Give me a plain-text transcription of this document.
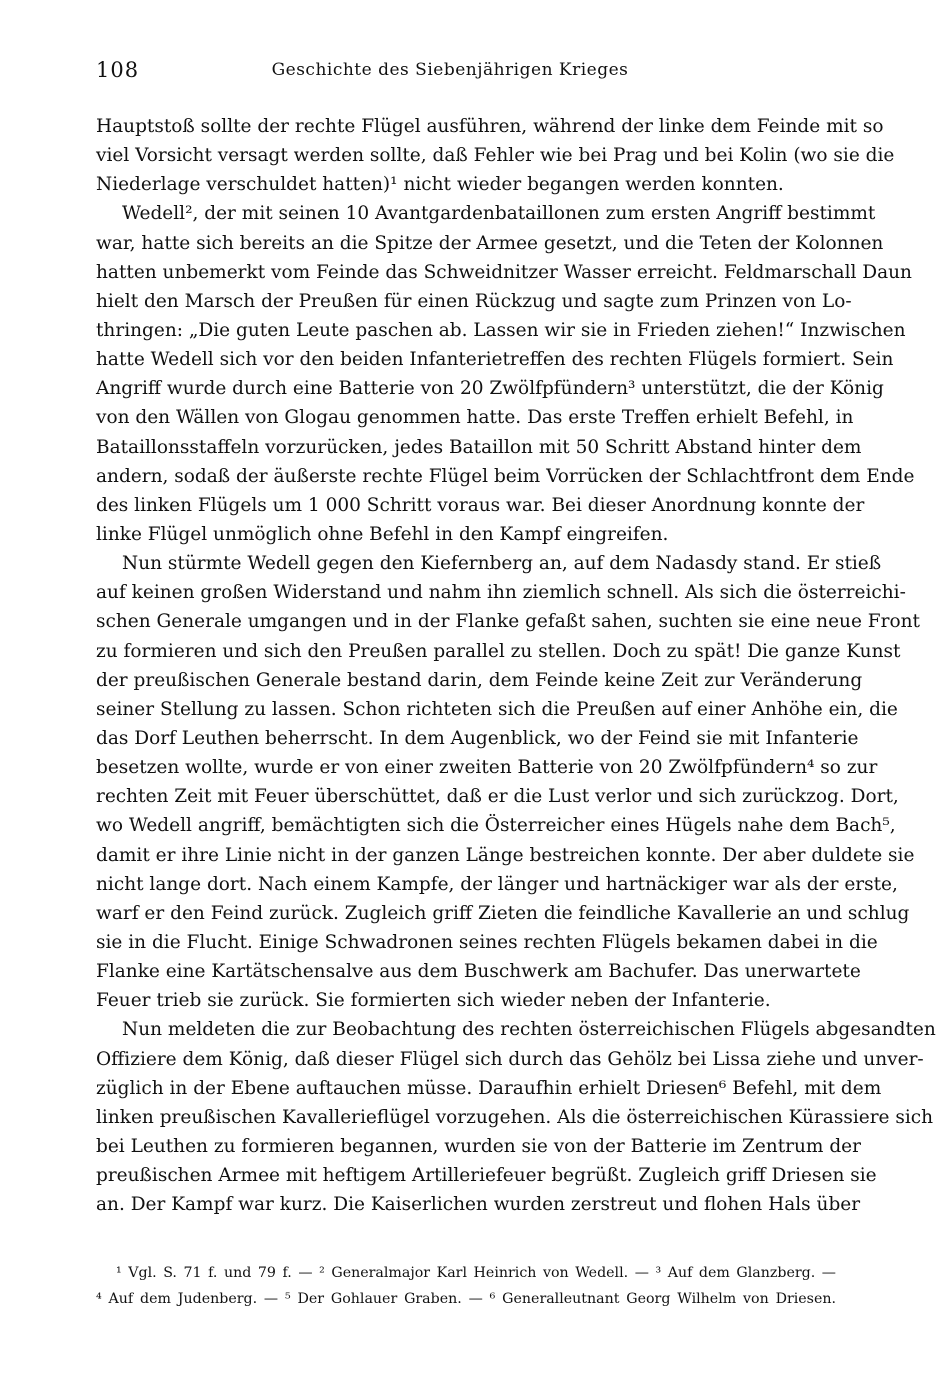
108	Geschichte des Siebenjährigen Krieges
Hauptstoß sollte der rechte Flügel ausführen, während der linke dem Feinde mit so
viel Vorsicht versagt werden sollte, daß Fehler wie bei Prag und bei Kolin (wo sie die
Niederlage verschuldet hatten)¹ nicht wieder begangen werden konnten.
Wedell², der mit seinen 10 Avantgardenbataillonen zum ersten Angriff bestimmt
war, hatte sich bereits an die Spitze der Armee gesetzt, und die Teten der Kolonnen
hatten unbemerkt vom Feinde das Schweidnitzer Wasser erreicht. Feldmarschall Daun
hielt den Marsch der Preußen für einen Rückzug und sagte zum Prinzen von Lo-
thringen: „Die guten Leute paschen ab. Lassen wir sie in Frieden ziehen!“ Inzwischen
hatte Wedell sich vor den beiden Infanterietreffen des rechten Flügels formiert. Sein
Angriff wurde durch eine Batterie von 20 Zwölfpfündern³ unterstützt, die der König
von den Wällen von Glogau genommen hatte. Das erste Treffen erhielt Befehl, in
Bataillonsstaffeln vorzurücken, jedes Bataillon mit 50 Schritt Abstand hinter dem
andern, sodaß der äußerste rechte Flügel beim Vorrücken der Schlachtfront dem Ende
des linken Flügels um 1 000 Schritt voraus war. Bei dieser Anordnung konnte der
linke Flügel unmöglich ohne Befehl in den Kampf eingreifen.
Nun stürmte Wedell gegen den Kiefernberg an, auf dem Nadasdy stand. Er stieß
auf keinen großen Widerstand und nahm ihn ziemlich schnell. Als sich die österreichi-
schen Generale umgangen und in der Flanke gefaßt sahen, suchten sie eine neue Front
zu formieren und sich den Preußen parallel zu stellen. Doch zu spät! Die ganze Kunst
der preußischen Generale bestand darin, dem Feinde keine Zeit zur Veränderung
seiner Stellung zu lassen. Schon richteten sich die Preußen auf einer Anhöhe ein, die
das Dorf Leuthen beherrscht. In dem Augenblick, wo der Feind sie mit Infanterie
besetzen wollte, wurde er von einer zweiten Batterie von 20 Zwölfpfündern⁴ so zur
rechten Zeit mit Feuer überschüttet, daß er die Lust verlor und sich zurückzog. Dort,
wo Wedell angriff, bemächtigten sich die Österreicher eines Hügels nahe dem Bach⁵,
damit er ihre Linie nicht in der ganzen Länge bestreichen konnte. Der aber duldete sie
nicht lange dort. Nach einem Kampfe, der länger und hartnäckiger war als der erste,
warf er den Feind zurück. Zugleich griff Zieten die feindliche Kavallerie an und schlug
sie in die Flucht. Einige Schwadronen seines rechten Flügels bekamen dabei in die
Flanke eine Kartätschensalve aus dem Buschwerk am Bachufer. Das unerwartete
Feuer trieb sie zurück. Sie formierten sich wieder neben der Infanterie.
Nun meldeten die zur Beobachtung des rechten österreichischen Flügels abgesandten
Offiziere dem König, daß dieser Flügel sich durch das Gehölz bei Lissa ziehe und unver-
züglich in der Ebene auftauchen müsse. Daraufhin erhielt Driesen⁶ Befehl, mit dem
linken preußischen Kavallerieflügel vorzugehen. Als die österreichischen Kürassiere sich
bei Leuthen zu formieren begannen, wurden sie von der Batterie im Zentrum der
preußischen Armee mit heftigem Artilleriefeuer begrüßt. Zugleich griff Driesen sie
an. Der Kampf war kurz. Die Kaiserlichen wurden zerstreut und flohen Hals über
¹ Vgl. S. 71 f. und 79 f. — ² Generalmajor Karl Heinrich von Wedell. — ³ Auf dem Glanzberg. —
⁴ Auf dem Judenberg. — ⁵ Der Gohlauer Graben. — ⁶ Generalleutnant Georg Wilhelm von Driesen.
